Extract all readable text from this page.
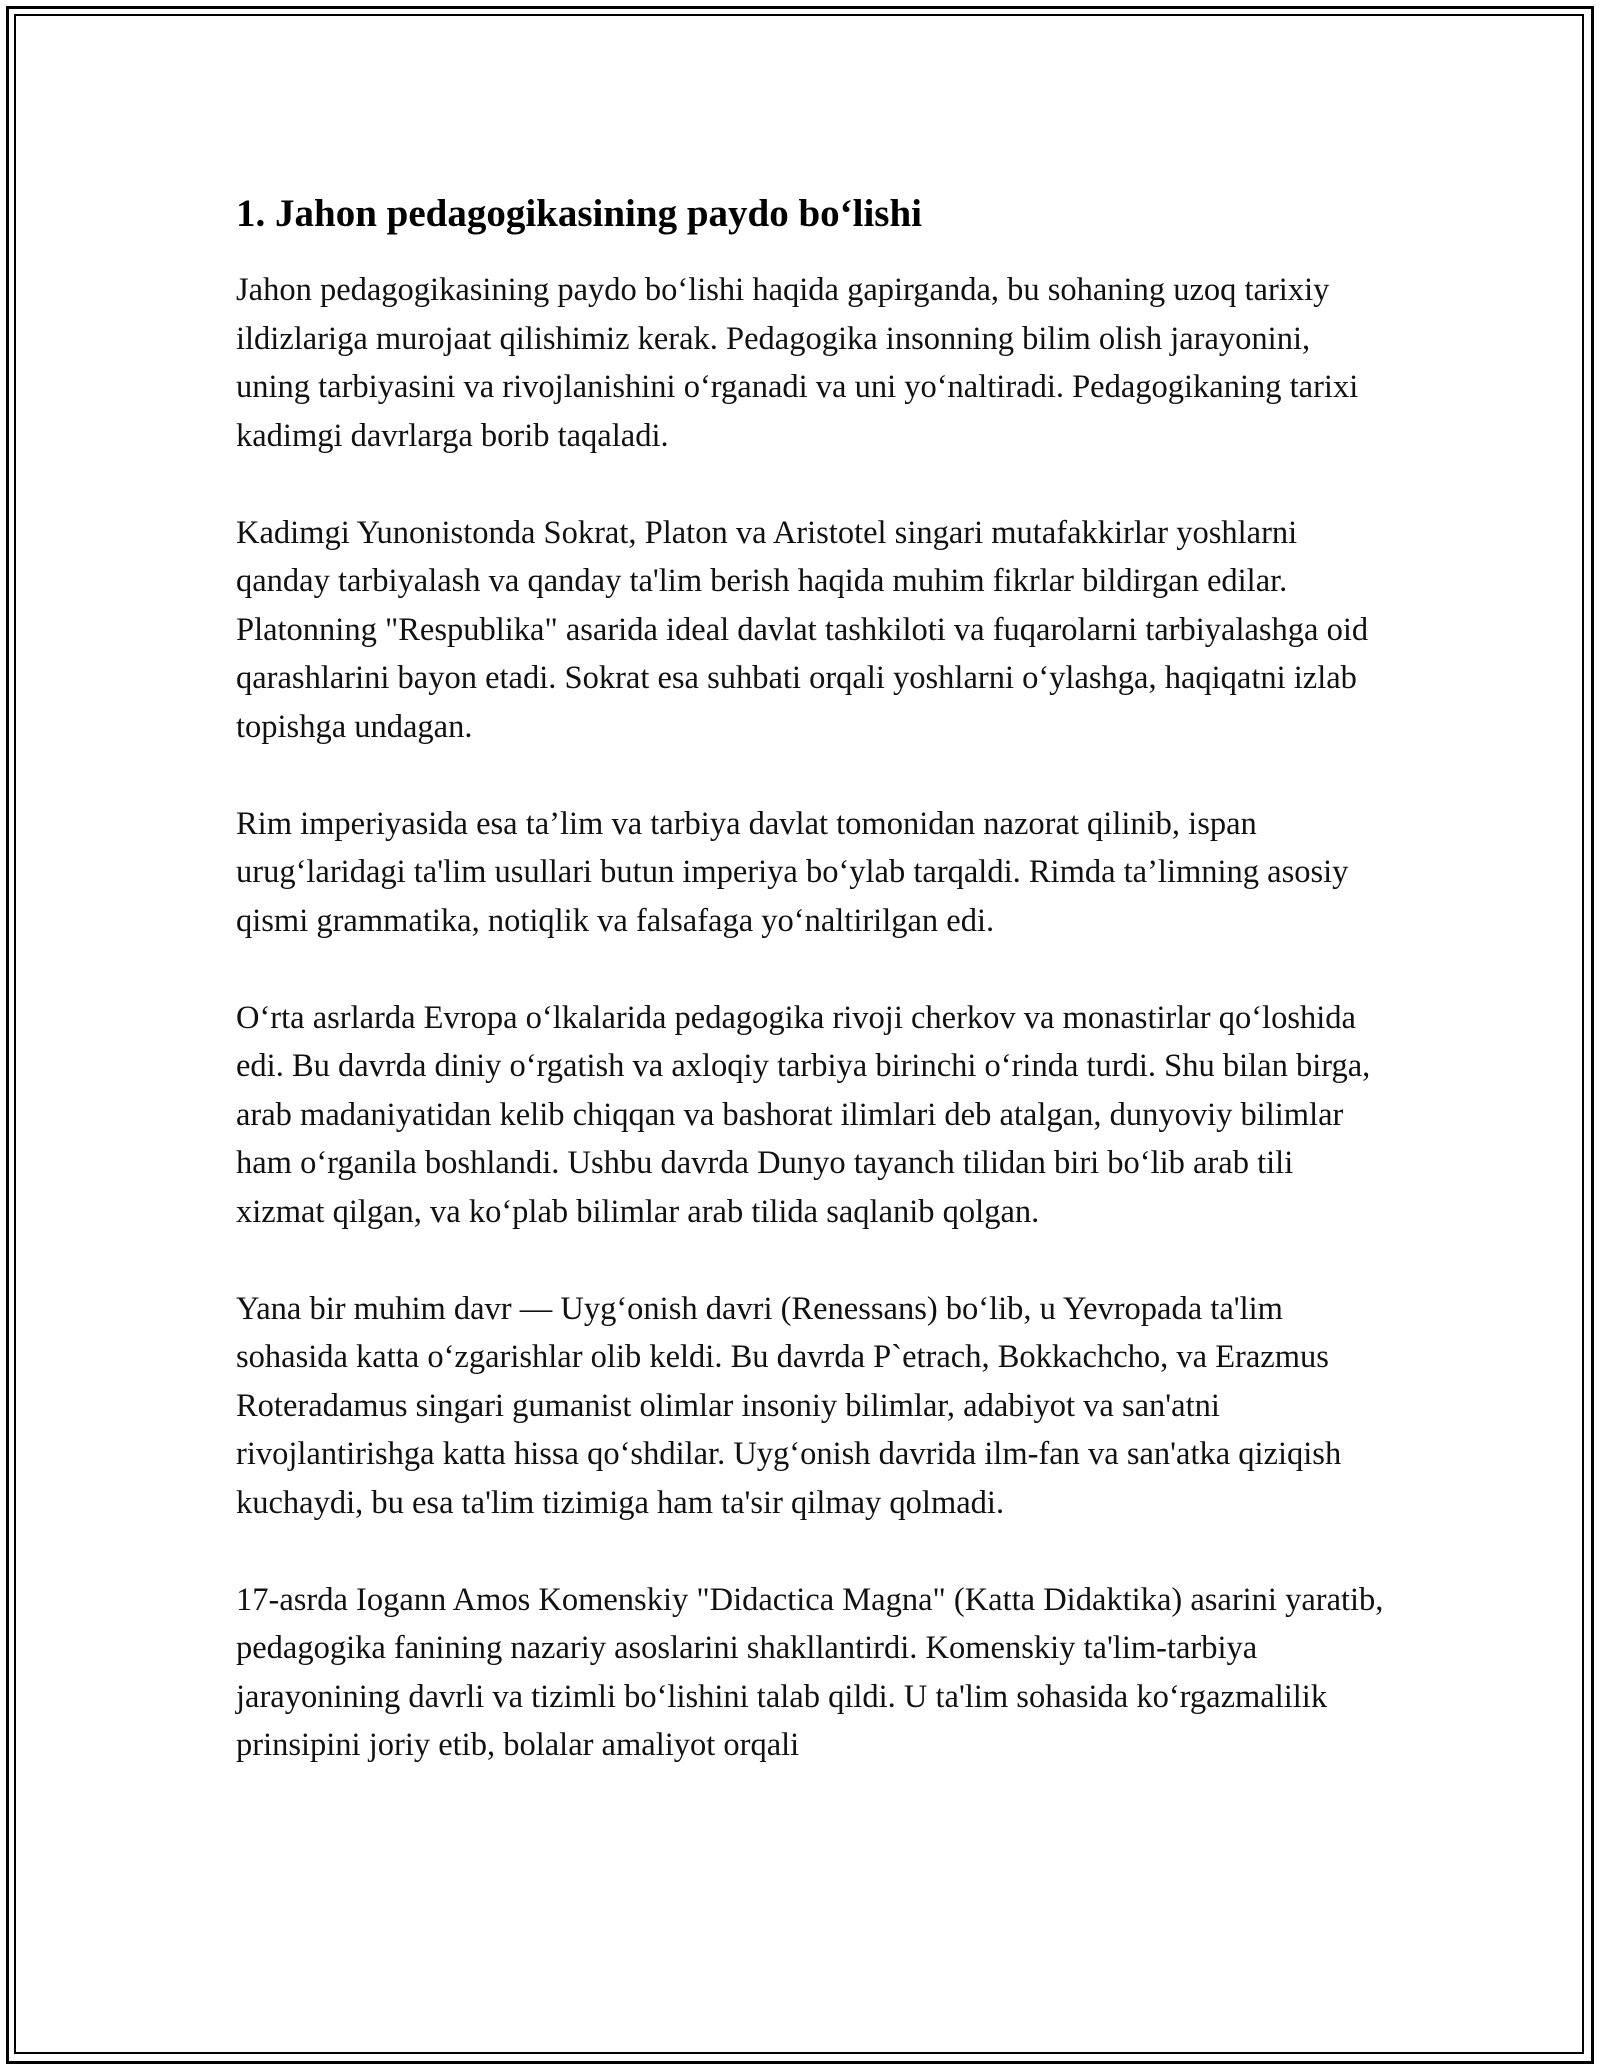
1. Jahon pedagogikasining paydo bo‘lishi

Jahon pedagogikasining paydo bo‘lishi haqida gapirganda, bu sohaning uzoq tarixiy ildizlariga murojaat qilishimiz kerak. Pedagogika insonning bilim olish jarayonini, uning tarbiyasini va rivojlanishini o‘rganadi va uni yo‘naltiradi. Pedagogikaning tarixi kadimgi davrlarga borib taqaladi.

Kadimgi Yunonistonda Sokrat, Platon va Aristotel singari mutafakkirlar yoshlarni qanday tarbiyalash va qanday ta'lim berish haqida muhim fikrlar bildirgan edilar. Platonning "Respublika" asarida ideal davlat tashkiloti va fuqarolarni tarbiyalashga oid qarashlarini bayon etadi. Sokrat esa suhbati orqali yoshlarni o‘ylashga, haqiqatni izlab topishga undagan.

Rim imperiyasida esa ta’lim va tarbiya davlat tomonidan nazorat qilinib, ispan urug‘laridagi ta'lim usullari butun imperiya bo‘ylab tarqaldi. Rimda ta’limning asosiy qismi grammatika, notiqlik va falsafaga yo‘naltirilgan edi.

O‘rta asrlarda Evropa o‘lkalarida pedagogika rivoji cherkov va monastirlar qo‘loshida edi. Bu davrda diniy o‘rgatish va axloqiy tarbiya birinchi o‘rinda turdi. Shu bilan birga, arab madaniyatidan kelib chiqqan va bashorat ilimlari deb atalgan, dunyoviy bilimlar ham o‘rganila boshlandi. Ushbu davrda Dunyo tayanch tilidan biri bo‘lib arab tili xizmat qilgan, va ko‘plab bilimlar arab tilida saqlanib qolgan.

Yana bir muhim davr — Uyg‘onish davri (Renessans) bo‘lib, u Yevropada ta'lim sohasida katta o‘zgarishlar olib keldi. Bu davrda P`etrach, Bokkachcho, va Erazmus Roteradamus singari gumanist olimlar insoniy bilimlar, adabiyot va san'atni rivojlantirishga katta hissa qo‘shdilar. Uyg‘onish davrida ilm-fan va san'atka qiziqish kuchaydi, bu esa ta'lim tizimiga ham ta'sir qilmay qolmadi.

17-asrda Iogann Amos Komenskiy "Didactica Magna" (Katta Didaktika) asarini yaratib, pedagogika fanining nazariy asoslarini shakllantirdi. Komenskiy ta'lim-tarbiya jarayonining davrli va tizimli bo‘lishini talab qildi. U ta'lim sohasida ko‘rgazmalilik prinsipini joriy etib, bolalar amaliyot orqali
